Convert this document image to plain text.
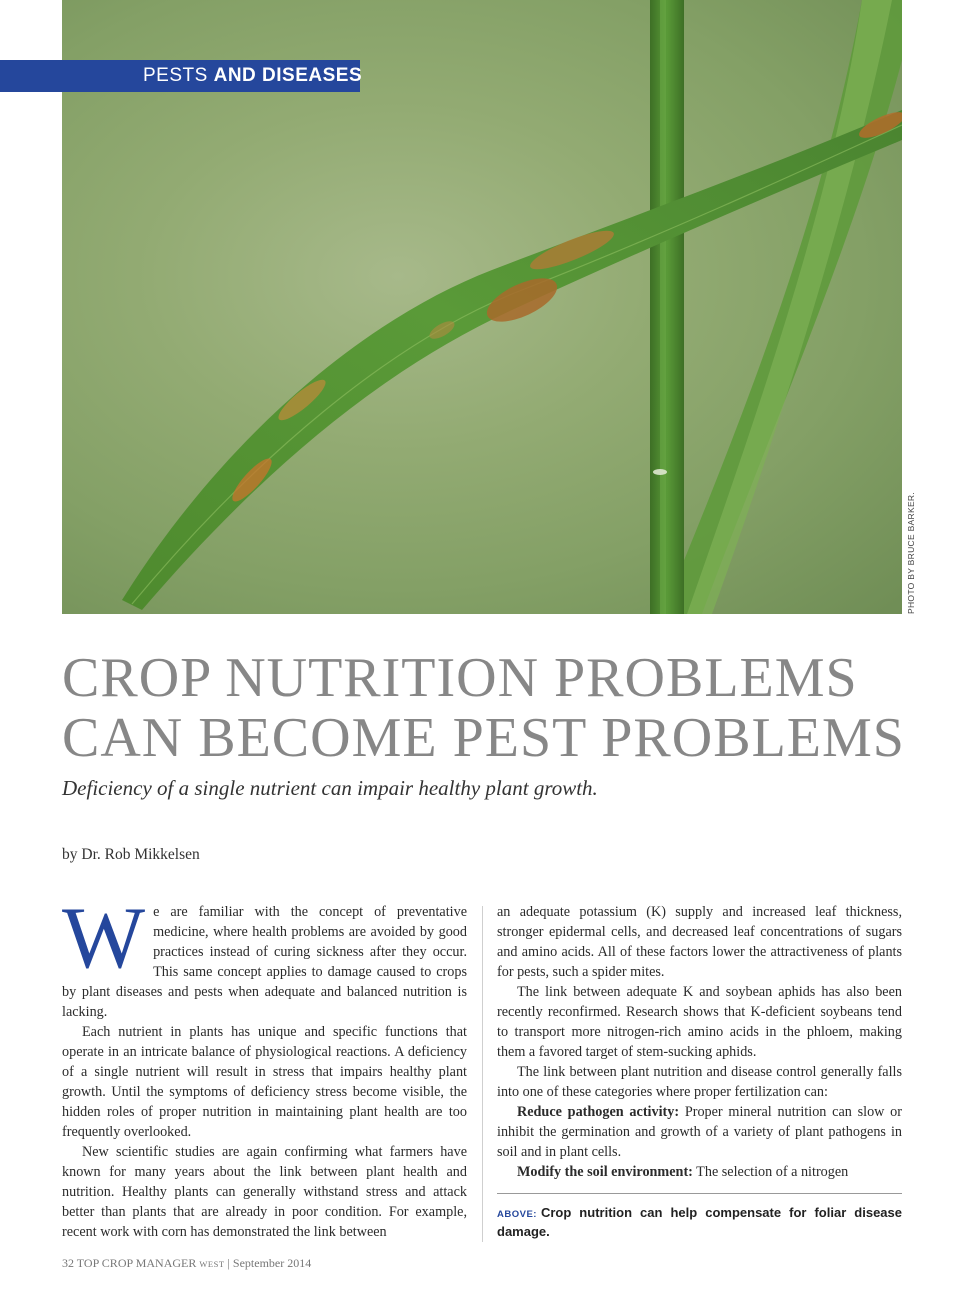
PESTS AND DISEASES
PHOTO BY BRUCE BARKER.
CROP NUTRITION PROBLEMS
CAN BECOME PEST PROBLEMS
Deficiency of a single nutrient can impair healthy plant growth.
by Dr. Rob Mikkelsen

We are familiar with the concept of preventative medicine, where health problems are avoided by good practices instead of curing sickness after they occur. This same concept applies to damage caused to crops by plant diseases and pests when adequate and balanced nutrition is lacking.

Each nutrient in plants has unique and specific functions that operate in an intricate balance of physiological reactions. A deficiency of a single nutrient will result in stress that impairs healthy plant growth. Until the symptoms of deficiency stress become visible, the hidden roles of proper nutrition in maintaining plant health are too frequently overlooked.

New scientific studies are again confirming what farmers have known for many years about the link between plant health and nutrition. Healthy plants can generally withstand stress and attack better than plants that are already in poor condition. For example, recent work with corn has demonstrated the link between

an adequate potassium (K) supply and increased leaf thickness, stronger epidermal cells, and decreased leaf concentrations of sugars and amino acids. All of these factors lower the attractiveness of plants for pests, such a spider mites.

The link between adequate K and soybean aphids has also been recently reconfirmed. Research shows that K-deficient soybeans tend to transport more nitrogen-rich amino acids in the phloem, making them a favored target of stem-sucking aphids.

The link between plant nutrition and disease control generally falls into one of these categories where proper fertilization can:

Reduce pathogen activity: Proper mineral nutrition can slow or inhibit the germination and growth of a variety of plant pathogens in soil and in plant cells.

Modify the soil environment: The selection of a nitrogen

ABOVE: Crop nutrition can help compensate for foliar disease damage.
32 TOP CROP MANAGER WEST | September 2014
